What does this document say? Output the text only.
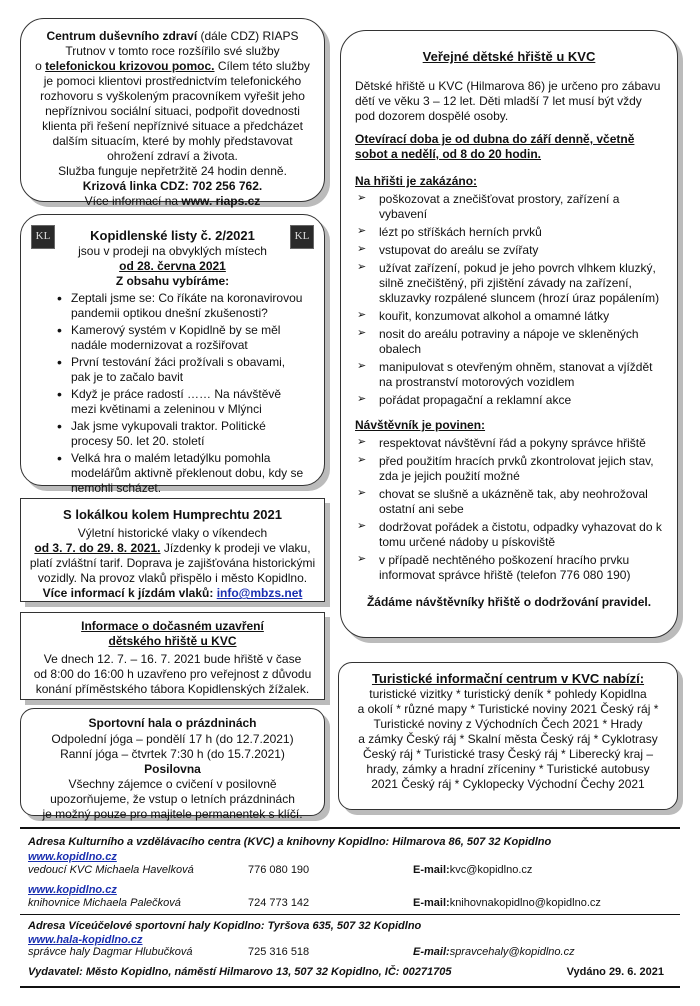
Centrum duševního zdraví (dále CDZ) RIAPS
Trutnov v tomto roce rozšířilo své služby
o telefonickou krizovou pomoc. Cílem této služby
je pomoci klientovi prostřednictvím telefonického
rozhovoru s vyškoleným pracovníkem vyřešit jeho
nepříznivou sociální situaci, podpořit dovednosti
klienta při řešení nepříznivé situace a předcházet
dalším situacím, které by mohly představovat
ohrožení zdraví a života.
Služba funguje nepřetržitě 24 hodin denně.
Krizová linka CDZ: 702 256 762.
Více informací na www. riaps.cz
KL	KL
Kopidlenské listy č. 2/2021
jsou v prodeji na obvyklých místech
od 28. června 2021
Z obsahu vybíráme:
• Zeptali jsme se: Co říkáte na koronavirovou pandemii optikou dnešní zkušenosti?
• Kamerový systém v Kopidlně by se měl nadále modernizovat a rozšiřovat
• První testování žáci prožívali s obavami, pak je to začalo bavit
• Když je práce radostí …… Na návštěvě mezi květinami a zeleninou v Mlýnci
• Jak jsme vykupovali traktor. Politické procesy 50. let 20. století
• Velká hra o malém letadýlku pomohla modelářům aktivně překlenout dobu, kdy se nemohli scházet.
S lokálkou kolem Humprechtu 2021
Výletní historické vlaky o víkendech
od 3. 7. do 29. 8. 2021. Jízdenky k prodeji ve vlaku,
platí zvláštní tarif. Doprava je zajišťována historickými
vozidly. Na provoz vlaků přispělo i město Kopidlno.
Více informací k jízdám vlaků: info@mbzs.net
Informace o dočasném uzavření
dětského hřiště u KVC
Ve dnech 12. 7. – 16. 7. 2021 bude hřiště v čase
od 8:00 do 16:00 h uzavřeno pro veřejnost z důvodu
konání příměstského tábora Kopidlenských žížalek.
Sportovní hala o prázdninách
Odpolední jóga – pondělí 17 h (do 12.7.2021)
Ranní jóga – čtvrtek 7:30 h (do 15.7.2021)
Posilovna
Všechny zájemce o cvičení v posilovně
upozorňujeme, že vstup o letních prázdninách
je možný pouze pro majitele permanentek s klíčí.
Veřejné dětské hřiště u KVC
Dětské hřiště u KVC (Hilmarova 86) je určeno pro zábavu dětí ve věku 3 – 12 let. Děti mladší 7 let musí být vždy pod dozorem dospělé osoby.
Otevírací doba je od dubna do září denně, včetně sobot a nedělí, od 8 do 20 hodin.
Na hřišti je zakázáno:
➢ poškozovat a znečišťovat prostory, zařízení a vybavení
➢ lézt po stříškách herních prvků
➢ vstupovat do areálu se zvířaty
➢ užívat zařízení, pokud je jeho povrch vlhkem kluzký, silně znečištěný, při zjištění závady na zařízení, skluzavky rozpálené sluncem (hrozí úraz popálením)
➢ kouřit, konzumovat alkohol a omamné látky
➢ nosit do areálu potraviny a nápoje ve skleněných obalech
➢ manipulovat s otevřeným ohněm, stanovat a vjíždět na prostranství motorových vozidlem
➢ pořádat propagační a reklamní akce
Návštěvník je povinen:
➢ respektovat návštěvní řád a pokyny správce hřiště
➢ před použitím hracích prvků zkontrolovat jejich stav, zda je jejich použití možné
➢ chovat se slušně a ukázněně tak, aby neohrožoval ostatní ani sebe
➢ dodržovat pořádek a čistotu, odpadky vyhazovat do k tomu určené nádoby u pískoviště
➢ v případě nechtěného poškození hracího prvku informovat správce hřiště (telefon 776 080 190)
Žádáme návštěvníky hřiště o dodržování pravidel.
Turistické informační centrum v KVC nabízí:
turistické vizitky * turistický deník * pohledy Kopidlna
a okolí * různé mapy * Turistické noviny 2021 Český ráj *
Turistické noviny z Východních Čech 2021 * Hrady
a zámky Český ráj * Skalní města Český ráj * Cyklotrasy
Český ráj * Turistické trasy Český ráj * Liberecký kraj –
hrady, zámky a hradní zříceniny * Turistické autobusy
2021 Český ráj * Cyklopecky Východní Čechy 2021
Adresa Kulturního a vzdělávacího centra (KVC) a knihovny Kopidlno: Hilmarova 86, 507 32 Kopidlno
www.kopidlno.cz
vedoucí KVC Michaela Havelková	776 080 190	E-mail: kvc@kopidlno.cz
www.kopidlno.cz
knihovnice Michaela Palečková	724 773 142	E-mail: knihovnakopidlno@kopidlno.cz
Adresa Víceúčelové sportovní haly Kopidlno: Tyršova 635, 507 32 Kopidlno
www.hala-kopidlno.cz
správce haly Dagmar Hlubučková	725 316 518	E-mail: spravcehaly@kopidlno.cz
Vydavatel: Město Kopidlno, náměstí Hilmarovo 13, 507 32 Kopidlno, IČ: 00271705	Vydáno 29. 6. 2021
